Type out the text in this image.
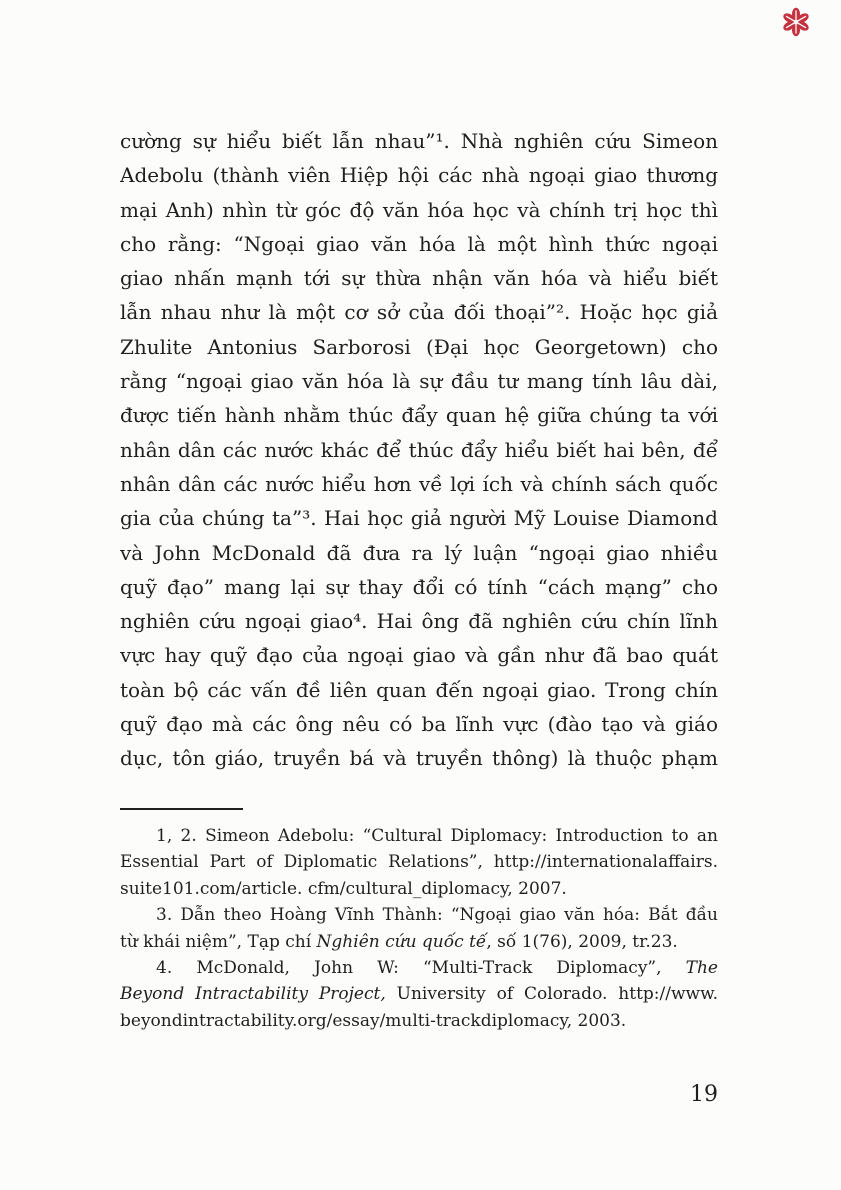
cường sự hiểu biết lẫn nhau”¹. Nhà nghiên cứu Simeon
Adebolu (thành viên Hiệp hội các nhà ngoại giao thương
mại Anh) nhìn từ góc độ văn hóa học và chính trị học thì
cho rằng: “Ngoại giao văn hóa là một hình thức ngoại
giao nhấn mạnh tới sự thừa nhận văn hóa và hiểu biết
lẫn nhau như là một cơ sở của đối thoại”². Hoặc học giả
Zhulite Antonius Sarborosi (Đại học Georgetown) cho
rằng “ngoại giao văn hóa là sự đầu tư mang tính lâu dài,
được tiến hành nhằm thúc đẩy quan hệ giữa chúng ta với
nhân dân các nước khác để thúc đẩy hiểu biết hai bên, để
nhân dân các nước hiểu hơn về lợi ích và chính sách quốc
gia của chúng ta”³. Hai học giả người Mỹ Louise Diamond
và John McDonald đã đưa ra lý luận “ngoại giao nhiều
quỹ đạo” mang lại sự thay đổi có tính “cách mạng” cho
nghiên cứu ngoại giao⁴. Hai ông đã nghiên cứu chín lĩnh
vực hay quỹ đạo của ngoại giao và gần như đã bao quát
toàn bộ các vấn đề liên quan đến ngoại giao. Trong chín
quỹ đạo mà các ông nêu có ba lĩnh vực (đào tạo và giáo
dục, tôn giáo, truyền bá và truyền thông) là thuộc phạm
1, 2. Simeon Adebolu: “Cultural Diplomacy: Introduction to an
Essential Part of Diplomatic Relations”, http://internationalaffairs.
suite101.com/article. cfm/cultural_diplomacy, 2007.
3. Dẫn theo Hoàng Vĩnh Thành: “Ngoại giao văn hóa: Bắt đầu
từ khái niệm”, Tạp chí Nghiên cứu quốc tế, số 1(76), 2009, tr.23.
4. McDonald, John W: “Multi-Track Diplomacy”, The
Beyond Intractability Project, University of Colorado. http://www.
beyondintractability.org/essay/multi-trackdiplomacy, 2003.
19
